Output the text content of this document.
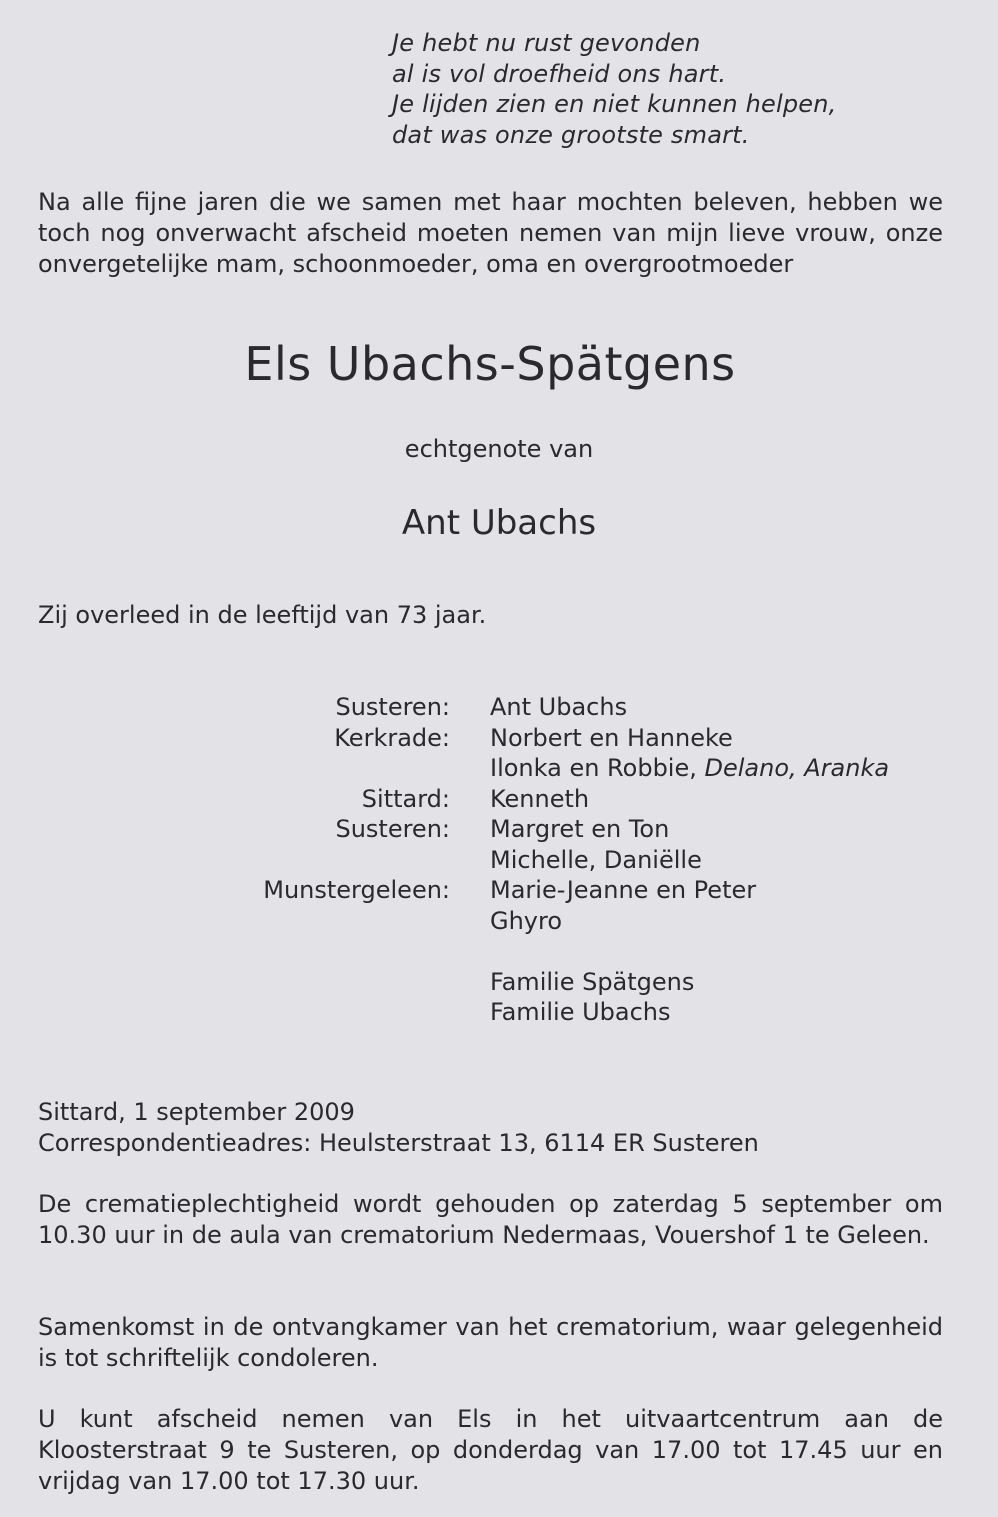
Je hebt nu rust gevonden
al is vol droefheid ons hart.
Je lijden zien en niet kunnen helpen,
dat was onze grootste smart.
Na alle fijne jaren die we samen met haar mochten beleven, hebben we toch nog onverwacht afscheid moeten nemen van mijn lieve vrouw, onze onvergetelijke mam, schoonmoeder, oma en overgrootmoeder
Els Ubachs-Spätgens
echtgenote van
Ant Ubachs
Zij overleed in de leeftijd van 73 jaar.
Susteren: Ant Ubachs
Kerkrade: Norbert en Hanneke
Ilonka en Robbie, Delano, Aranka
Sittard: Kenneth
Susteren: Margret en Ton
Michelle, Daniëlle
Munstergeleen: Marie-Jeanne en Peter
Ghyro
Familie Spätgens
Familie Ubachs
Sittard, 1 september 2009
Correspondentieadres: Heulsterstraat 13, 6114 ER Susteren
De crematieplechtigheid wordt gehouden op zaterdag 5 september om 10.30 uur in de aula van crematorium Nedermaas, Vouershof 1 te Geleen.
Samenkomst in de ontvangkamer van het crematorium, waar gelegenheid is tot schriftelijk condoleren.
U kunt afscheid nemen van Els in het uitvaartcentrum aan de Kloosterstraat 9 te Susteren, op donderdag van 17.00 tot 17.45 uur en vrijdag van 17.00 tot 17.30 uur.
